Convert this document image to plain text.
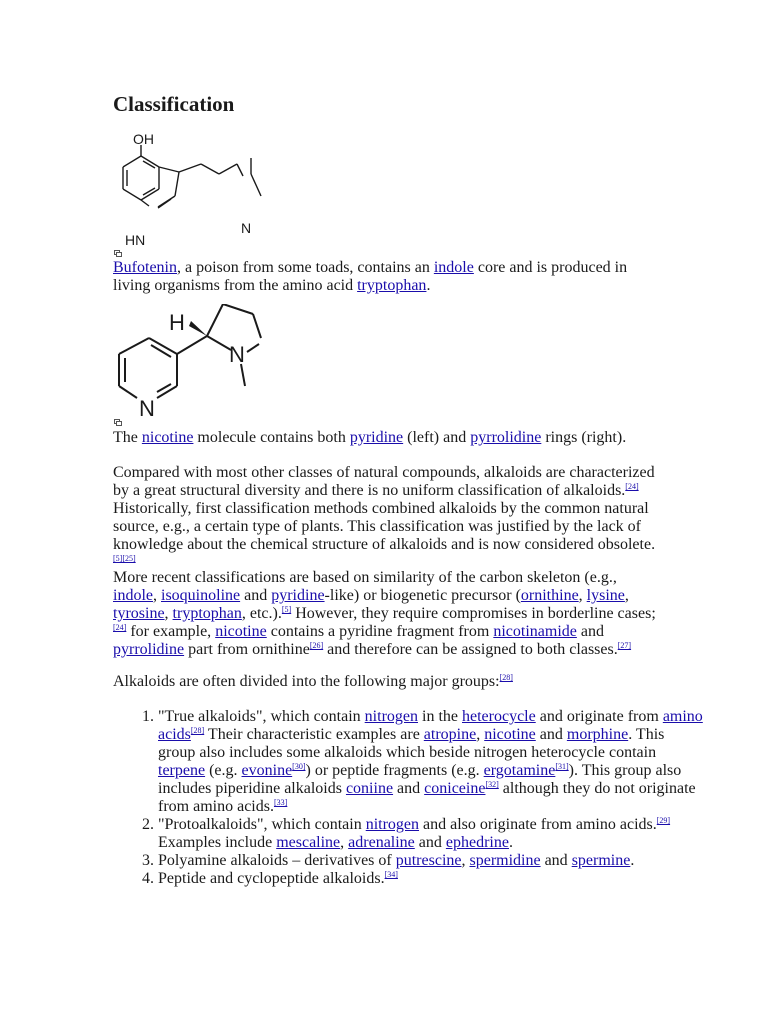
Classification
OH
HN
N

Bufotenin, a poison from some toads, contains an indole core and is produced in living organisms from the amino acid tryptophan.

H
N
N

The nicotine molecule contains both pyridine (left) and pyrrolidine rings (right).

Compared with most other classes of natural compounds, alkaloids are characterized by a great structural diversity and there is no uniform classification of alkaloids.[24] Historically, first classification methods combined alkaloids by the common natural source, e.g., a certain type of plants. This classification was justified by the lack of knowledge about the chemical structure of alkaloids and is now considered obsolete.[5][25]

More recent classifications are based on similarity of the carbon skeleton (e.g., indole, isoquinoline and pyridine-like) or biogenetic precursor (ornithine, lysine, tyrosine, tryptophan, etc.).[5] However, they require compromises in borderline cases;[24] for example, nicotine contains a pyridine fragment from nicotinamide and pyrrolidine part from ornithine[26] and therefore can be assigned to both classes.[27]

Alkaloids are often divided into the following major groups:[28]

1. "True alkaloids", which contain nitrogen in the heterocycle and originate from amino acids[28] Their characteristic examples are atropine, nicotine and morphine. This group also includes some alkaloids which beside nitrogen heterocycle contain terpene (e.g. evonine[30]) or peptide fragments (e.g. ergotamine[31]). This group also includes piperidine alkaloids coniine and coniceine[32] although they do not originate from amino acids.[33]
2. "Protoalkaloids", which contain nitrogen and also originate from amino acids.[29] Examples include mescaline, adrenaline and ephedrine.
3. Polyamine alkaloids – derivatives of putrescine, spermidine and spermine.
4. Peptide and cyclopeptide alkaloids.[34]
